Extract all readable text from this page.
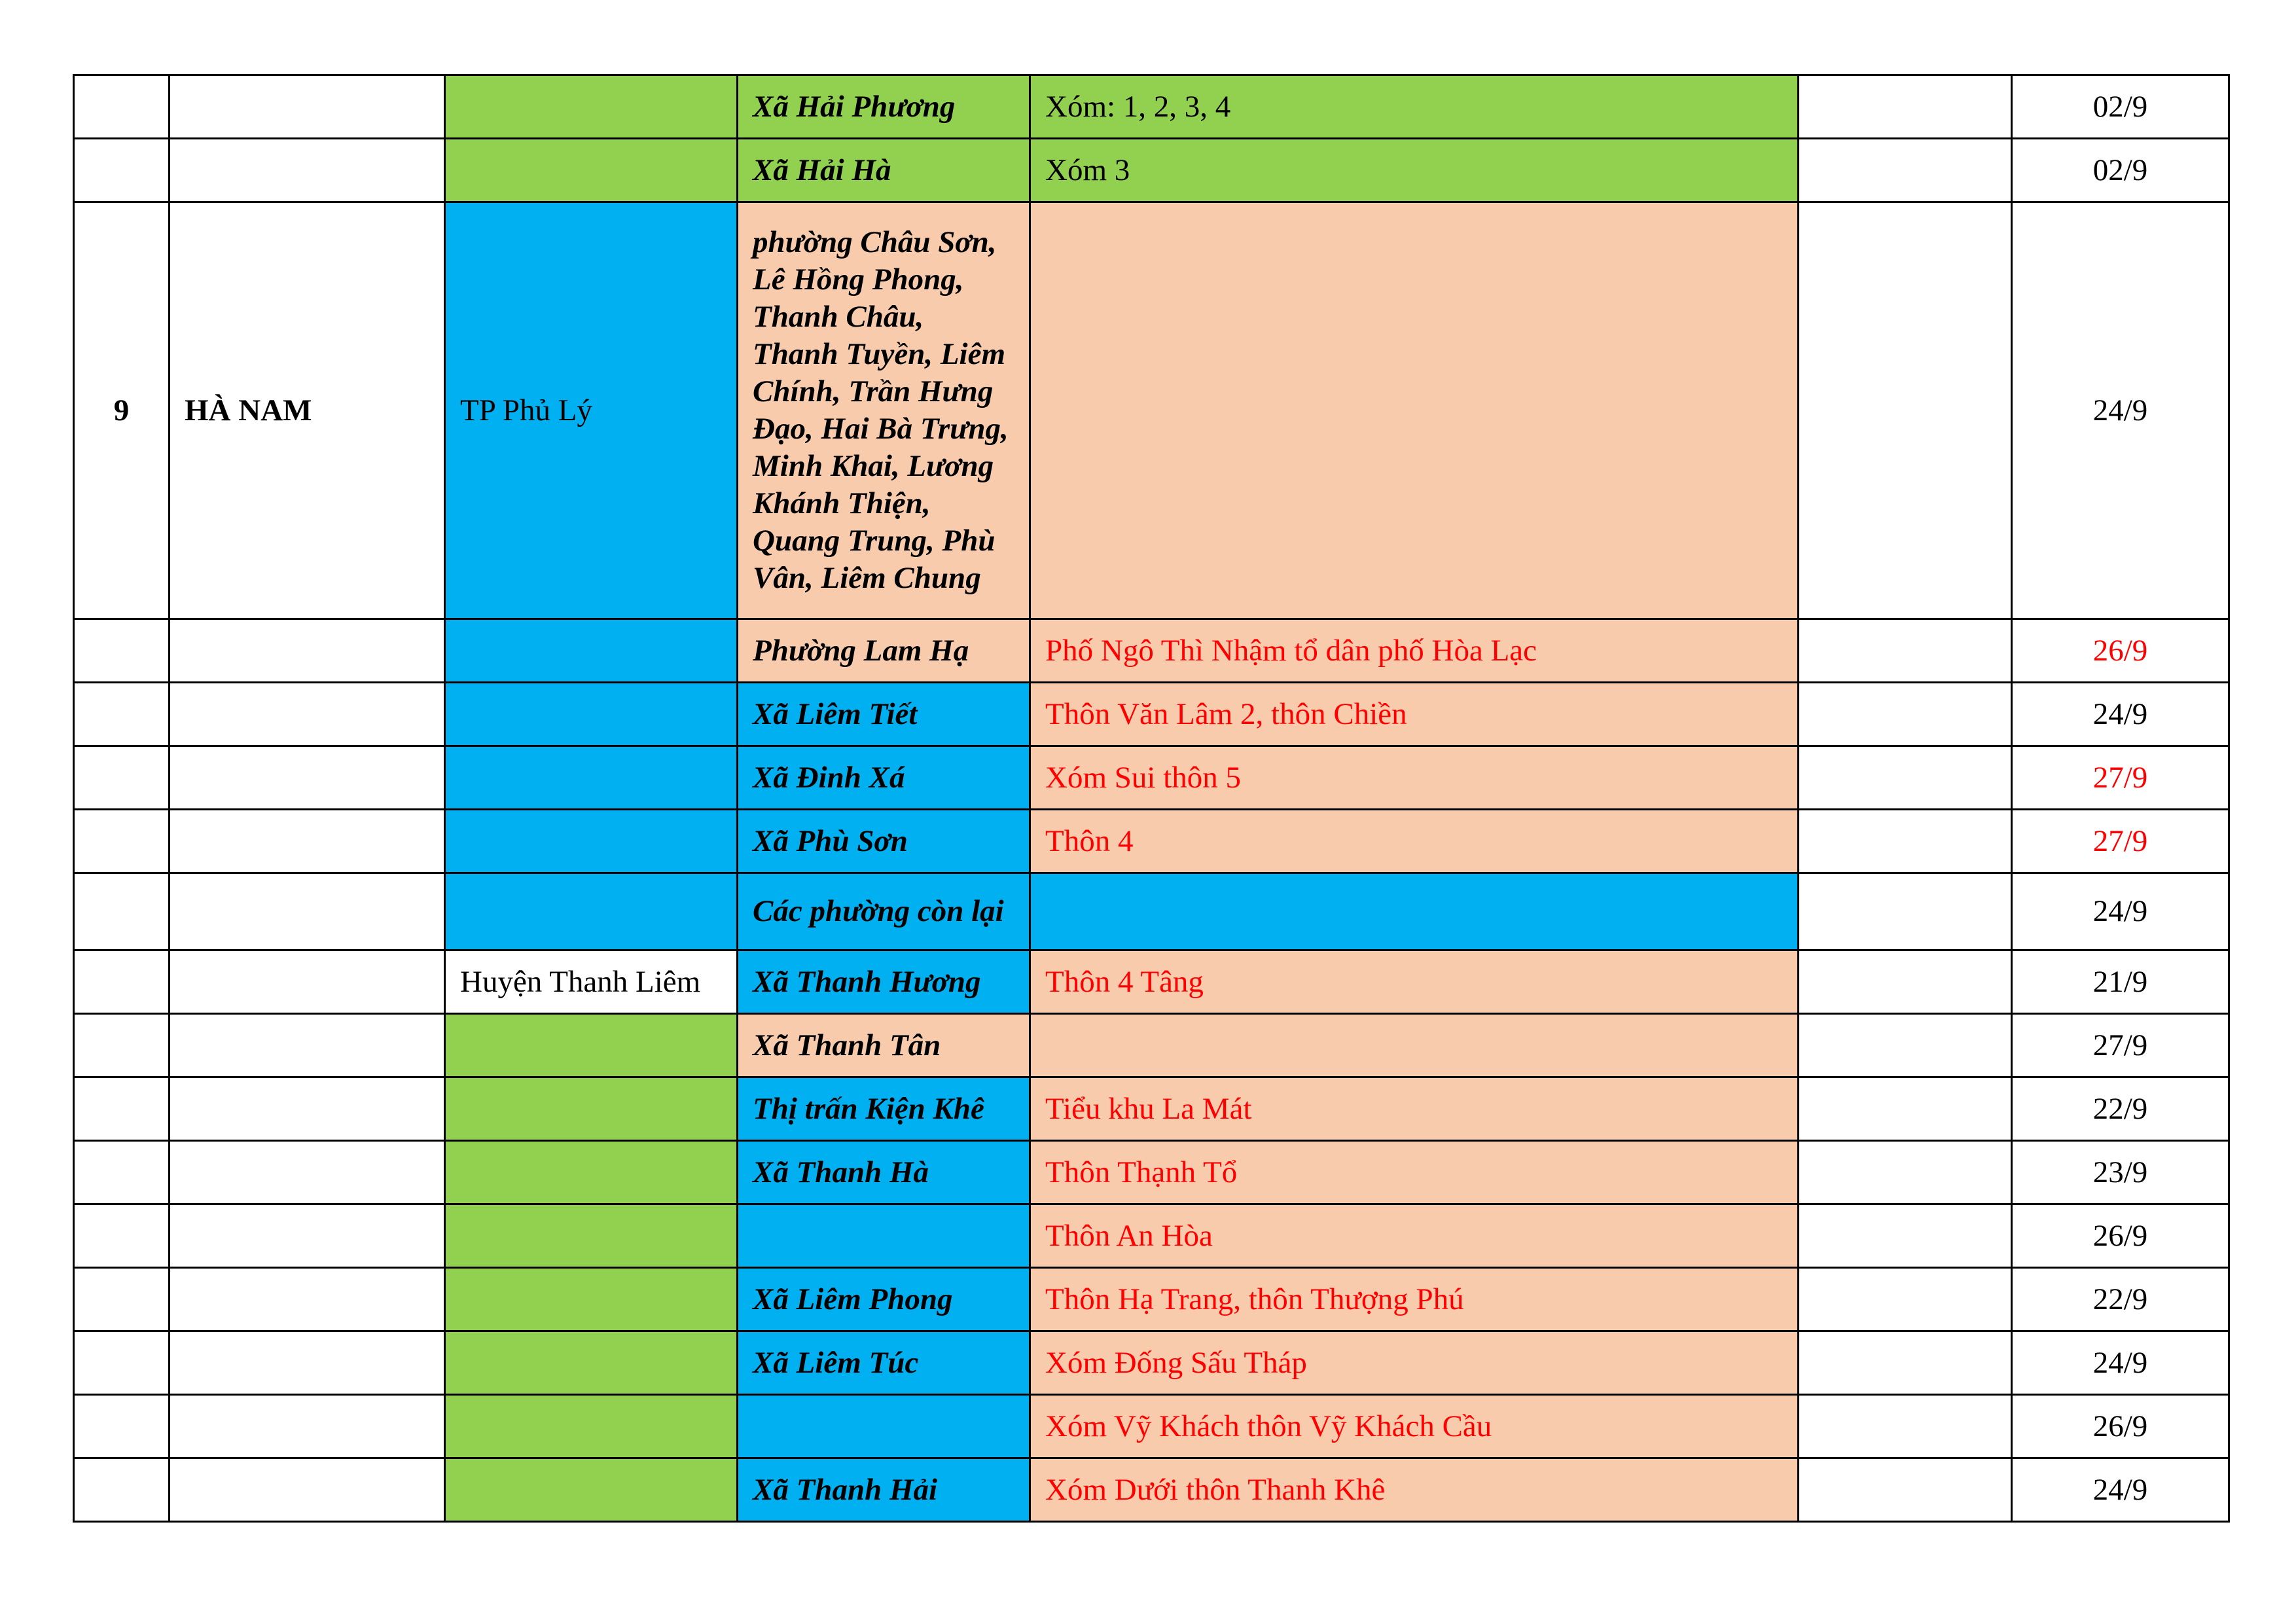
			Xã Hải Phương	Xóm: 1, 2, 3, 4		02/9
			Xã Hải Hà	Xóm 3		02/9
9	HÀ NAM	TP Phủ Lý	phường Châu Sơn, Lê Hồng Phong, Thanh Châu, Thanh Tuyền, Liêm Chính, Trần Hưng Đạo, Hai Bà Trưng, Minh Khai, Lương Khánh Thiện, Quang Trung, Phù Vân, Liêm Chung			24/9
			Phường Lam Hạ	Phố Ngô Thì Nhậm tổ dân phố Hòa Lạc		26/9
			Xã Liêm Tiết	Thôn Văn Lâm 2, thôn Chiền		24/9
			Xã Đinh Xá	Xóm Sui thôn 5		27/9
			Xã Phù Sơn	Thôn 4		27/9
			Các phường còn lại			24/9
		Huyện Thanh Liêm	Xã Thanh Hương	Thôn 4 Tâng		21/9
			Xã Thanh Tân			27/9
			Thị trấn Kiện Khê	Tiểu khu La Mát		22/9
			Xã Thanh Hà	Thôn Thạnh Tổ		23/9
				Thôn An Hòa		26/9
			Xã Liêm Phong	Thôn Hạ Trang, thôn Thượng Phú		22/9
			Xã Liêm Túc	Xóm Đống Sấu Tháp		24/9
				Xóm Vỹ Khách thôn Vỹ Khách Cầu		26/9
			Xã Thanh Hải	Xóm Dưới thôn Thanh Khê		24/9
